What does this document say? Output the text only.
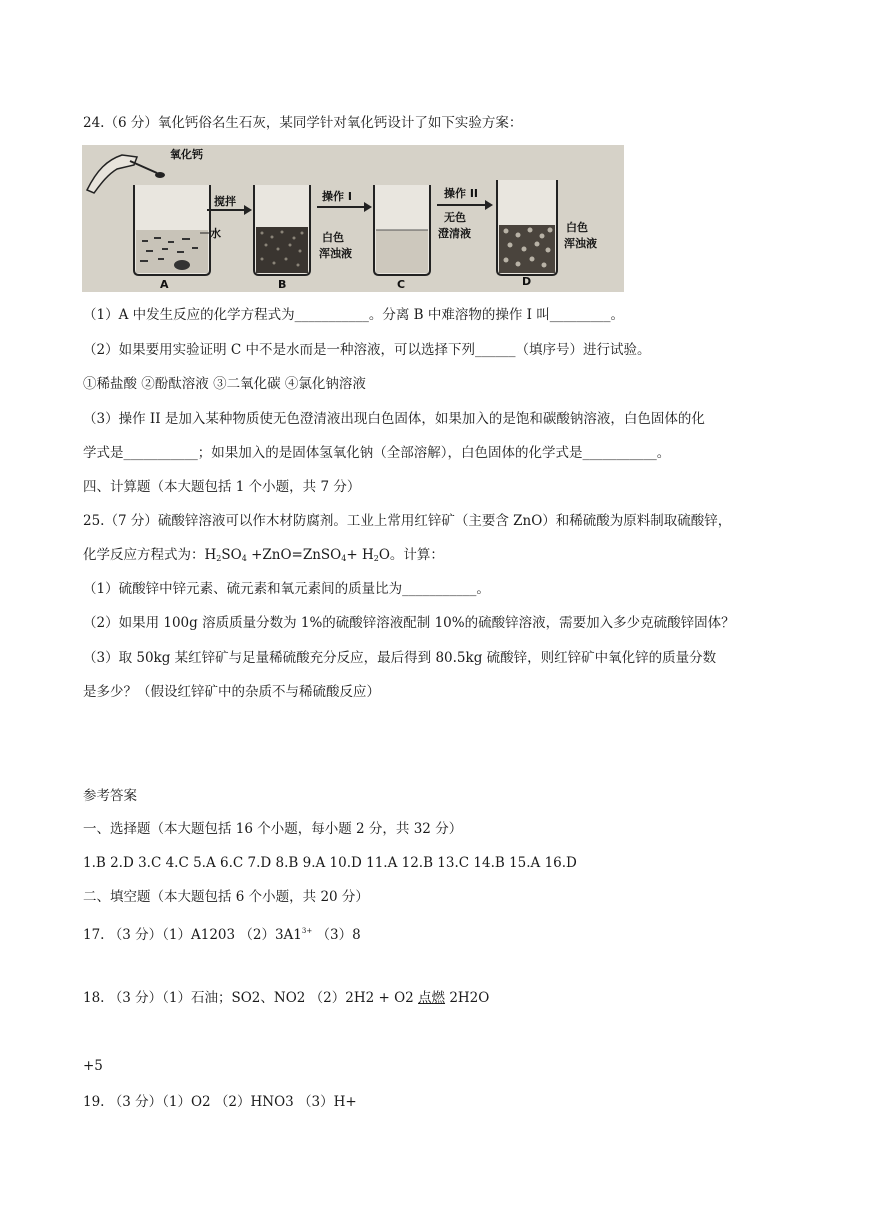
24.（6 分）氧化钙俗名生石灰，某同学针对氧化钙设计了如下实验方案：
氧化钙
水
A
搅拌
B
操作 I
白色
浑浊液
C
操作 II
无色
澄清液
D
白色
浑浊液
（1）A 中发生反应的化学方程式为___________。分离 B 中难溶物的操作 I 叫_________。
（2）如果要用实验证明 C 中不是水而是一种溶液，可以选择下列______（填序号）进行试验。
①稀盐酸 ②酚酞溶液 ③二氧化碳 ④氯化钠溶液
（3）操作 II 是加入某种物质使无色澄清液出现白色固体，如果加入的是饱和碳酸钠溶液，白色固体的化
学式是___________；如果加入的是固体氢氧化钠（全部溶解），白色固体的化学式是___________。
四、计算题（本大题包括 1 个小题，共 7 分）
25.（7 分）硫酸锌溶液可以作木材防腐剂。工业上常用红锌矿（主要含 ZnO）和稀硫酸为原料制取硫酸锌，
化学反应方程式为：$H_2SO_4$ +ZnO=ZnSO$_4$+ $H_2O$。计算：
（1）硫酸锌中锌元素、硫元素和氧元素间的质量比为___________。
（2）如果用 100g 溶质质量分数为 1%的硫酸锌溶液配制 10%的硫酸锌溶液，需要加入多少克硫酸锌固体？
（3）取 50kg 某红锌矿与足量稀硫酸充分反应，最后得到 80.5kg 硫酸锌，则红锌矿中氧化锌的质量分数
是多少？（假设红锌矿中的杂质不与稀硫酸反应）
参考答案
一、选择题（本大题包括 16 个小题，每小题 2 分，共 32 分）
1.B 2.D 3.C 4.C 5.A 6.C 7.D 8.B 9.A 10.D 11.A 12.B 13.C 14.B 15.A 16.D
二、填空题（本大题包括 6 个小题，共 20 分）
17. （3 分）（1）A1203 $(2)3A1^{3+}$ （3）8
18. （3 分）（1）石油；SO2、NO2 （2）2H2 + O2 点燃 2H2O
+5
19. （3 分）（1）O2 （2）HNO3 （3）H+
